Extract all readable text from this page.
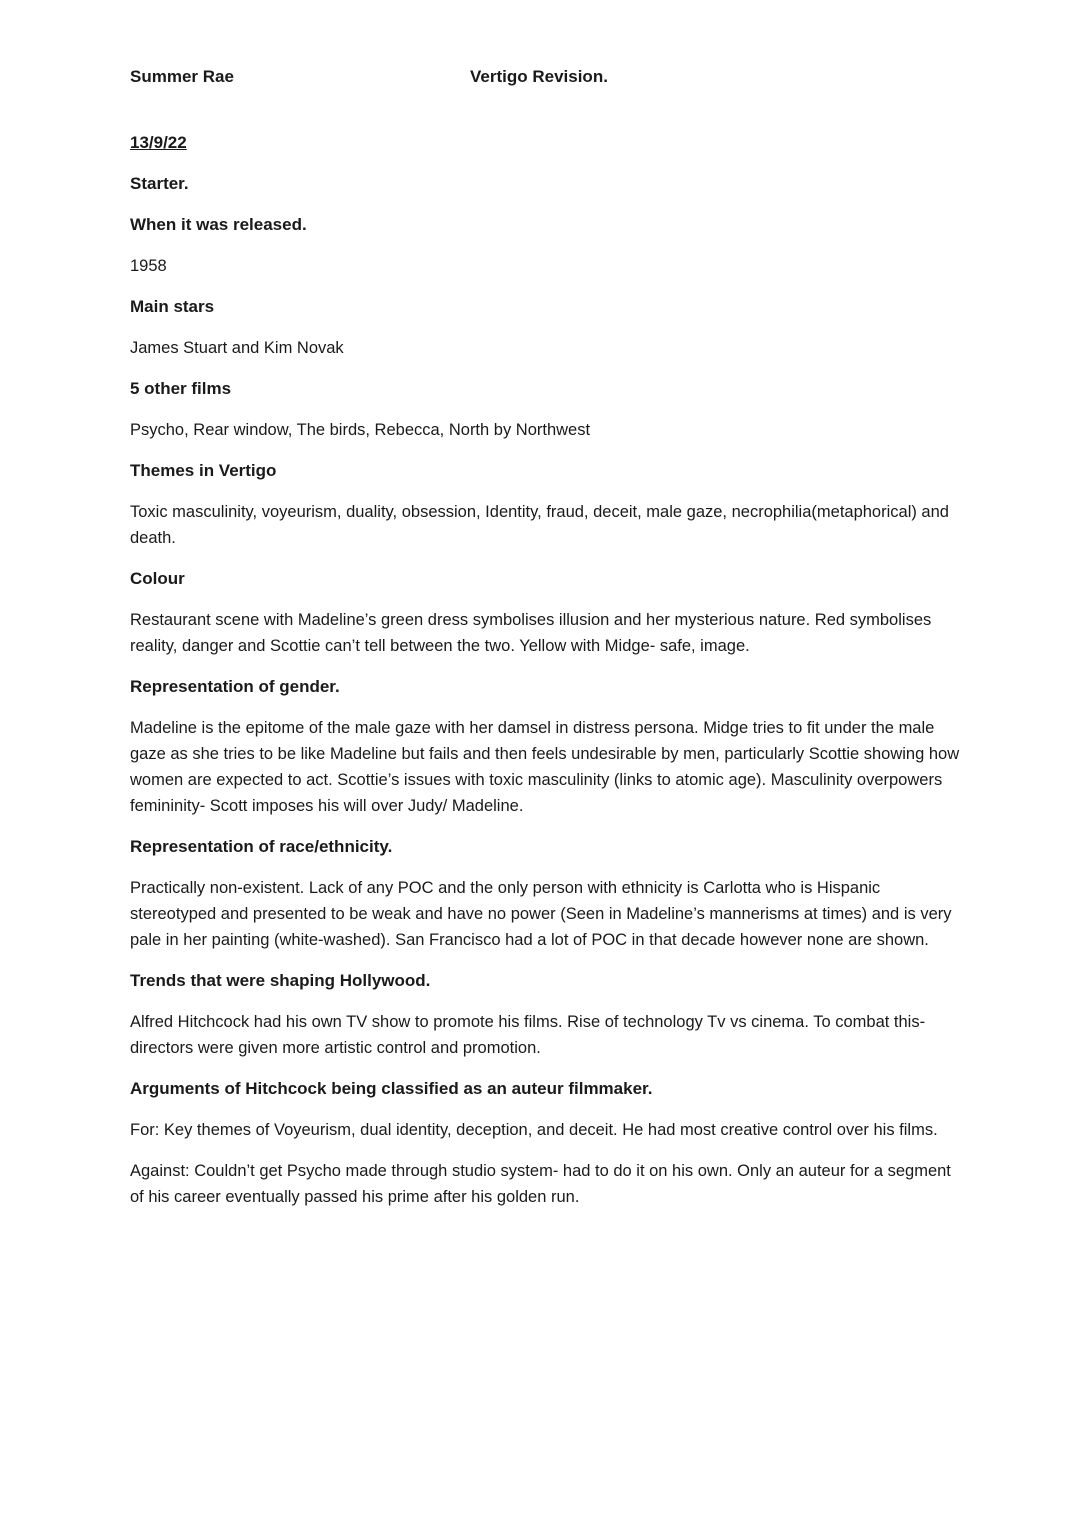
Summer Rae	Vertigo Revision.

13/9/22

Starter.

When it was released.

1958

Main stars

James Stuart and Kim Novak

5 other films

Psycho, Rear window, The birds, Rebecca, North by Northwest

Themes in Vertigo

Toxic masculinity, voyeurism, duality, obsession, Identity, fraud, deceit, male gaze, necrophilia(metaphorical) and death.

Colour

Restaurant scene with Madeline’s green dress symbolises illusion and her mysterious nature. Red symbolises reality, danger and Scottie can’t tell between the two. Yellow with Midge- safe, image.

Representation of gender.

Madeline is the epitome of the male gaze with her damsel in distress persona. Midge tries to fit under the male gaze as she tries to be like Madeline but fails and then feels undesirable by men, particularly Scottie showing how women are expected to act. Scottie’s issues with toxic masculinity (links to atomic age). Masculinity overpowers femininity- Scott imposes his will over Judy/ Madeline.

Representation of race/ethnicity.

Practically non-existent. Lack of any POC and the only person with ethnicity is Carlotta who is Hispanic stereotyped and presented to be weak and have no power (Seen in Madeline’s mannerisms at times) and is very pale in her painting (white-washed). San Francisco had a lot of POC in that decade however none are shown.

Trends that were shaping Hollywood.

Alfred Hitchcock had his own TV show to promote his films. Rise of technology Tv vs cinema. To combat this- directors were given more artistic control and promotion.

Arguments of Hitchcock being classified as an auteur filmmaker.

For: Key themes of Voyeurism, dual identity, deception, and deceit. He had most creative control over his films.

Against: Couldn’t get Psycho made through studio system- had to do it on his own. Only an auteur for a segment of his career eventually passed his prime after his golden run.
